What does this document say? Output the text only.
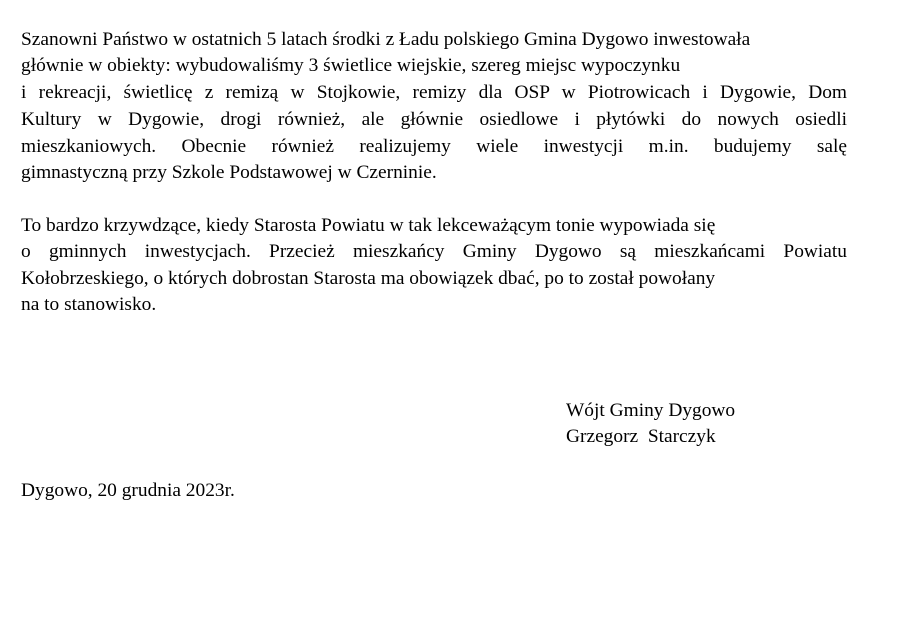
Szanowni Państwo w ostatnich 5 latach środki z Ładu polskiego Gmina Dygowo inwestowała
głównie w obiekty: wybudowaliśmy 3 świetlice wiejskie, szereg miejsc wypoczynku
i rekreacji, świetlicę z remizą w Stojkowie, remizy dla OSP w Piotrowicach i Dygowie, Dom
Kultury w Dygowie, drogi również, ale głównie osiedlowe i płytówki do nowych osiedli
mieszkaniowych. Obecnie również realizujemy wiele inwestycji m.in. budujemy salę
gimnastyczną przy Szkole Podstawowej w Czerninie.
To bardzo krzywdzące, kiedy Starosta Powiatu w tak lekceważącym tonie wypowiada się
o gminnych inwestycjach. Przecież mieszkańcy Gminy Dygowo są mieszkańcami Powiatu
Kołobrzeskiego, o których dobrostan Starosta ma obowiązek dbać, po to został powołany
na to stanowisko.
Wójt Gminy Dygowo
Grzegorz  Starczyk
Dygowo, 20 grudnia 2023r.
